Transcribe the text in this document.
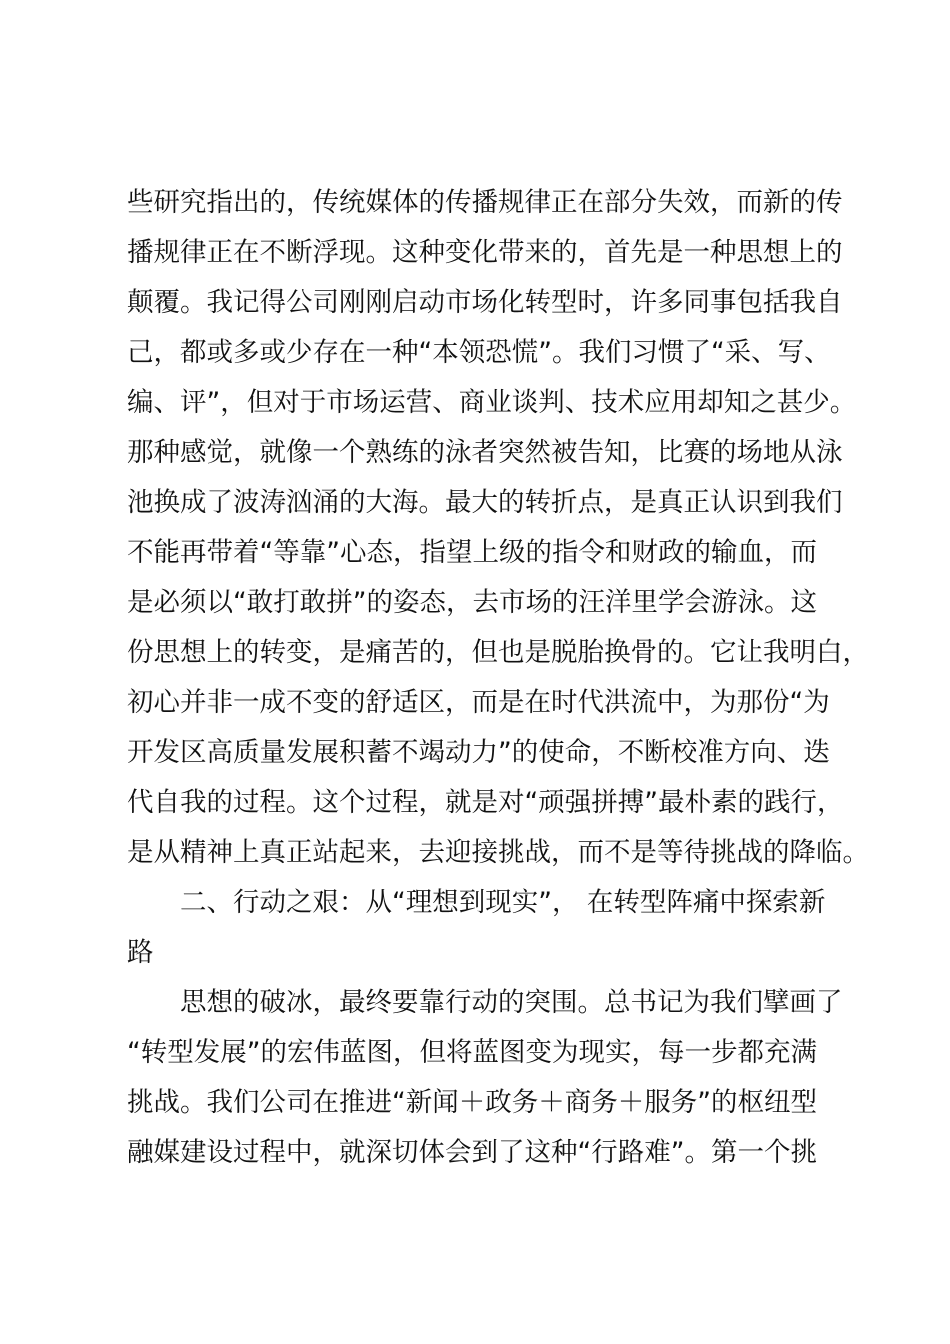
些研究指出的，传统媒体的传播规律正在部分失效，而新的传
播规律正在不断浮现。这种变化带来的，首先是一种思想上的
颠覆。我记得公司刚刚启动市场化转型时，许多同事包括我自
己，都或多或少存在一种“本领恐慌”。我们习惯了“采、写、
编、评”，但对于市场运营、商业谈判、技术应用却知之甚少。
那种感觉，就像一个熟练的泳者突然被告知，比赛的场地从泳
池换成了波涛汹涌的大海。最大的转折点，是真正认识到我们
不能再带着“等靠”心态，指望上级的指令和财政的输血，而
是必须以“敢打敢拼”的姿态，去市场的汪洋里学会游泳。这
份思想上的转变，是痛苦的，但也是脱胎换骨的。它让我明白，
初心并非一成不变的舒适区，而是在时代洪流中，为那份“为
开发区高质量发展积蓄不竭动力”的使命，不断校准方向、迭
代自我的过程。这个过程，就是对“顽强拼搏”最朴素的践行，
是从精神上真正站起来，去迎接挑战，而不是等待挑战的降临。
二、行动之艰：从“理想到现实”， 在转型阵痛中探索新
路
思想的破冰，最终要靠行动的突围。总书记为我们擘画了
“转型发展”的宏伟蓝图，但将蓝图变为现实，每一步都充满
挑战。我们公司在推进“新闻＋政务＋商务＋服务”的枢纽型
融媒建设过程中，就深切体会到了这种“行路难”。第一个挑
